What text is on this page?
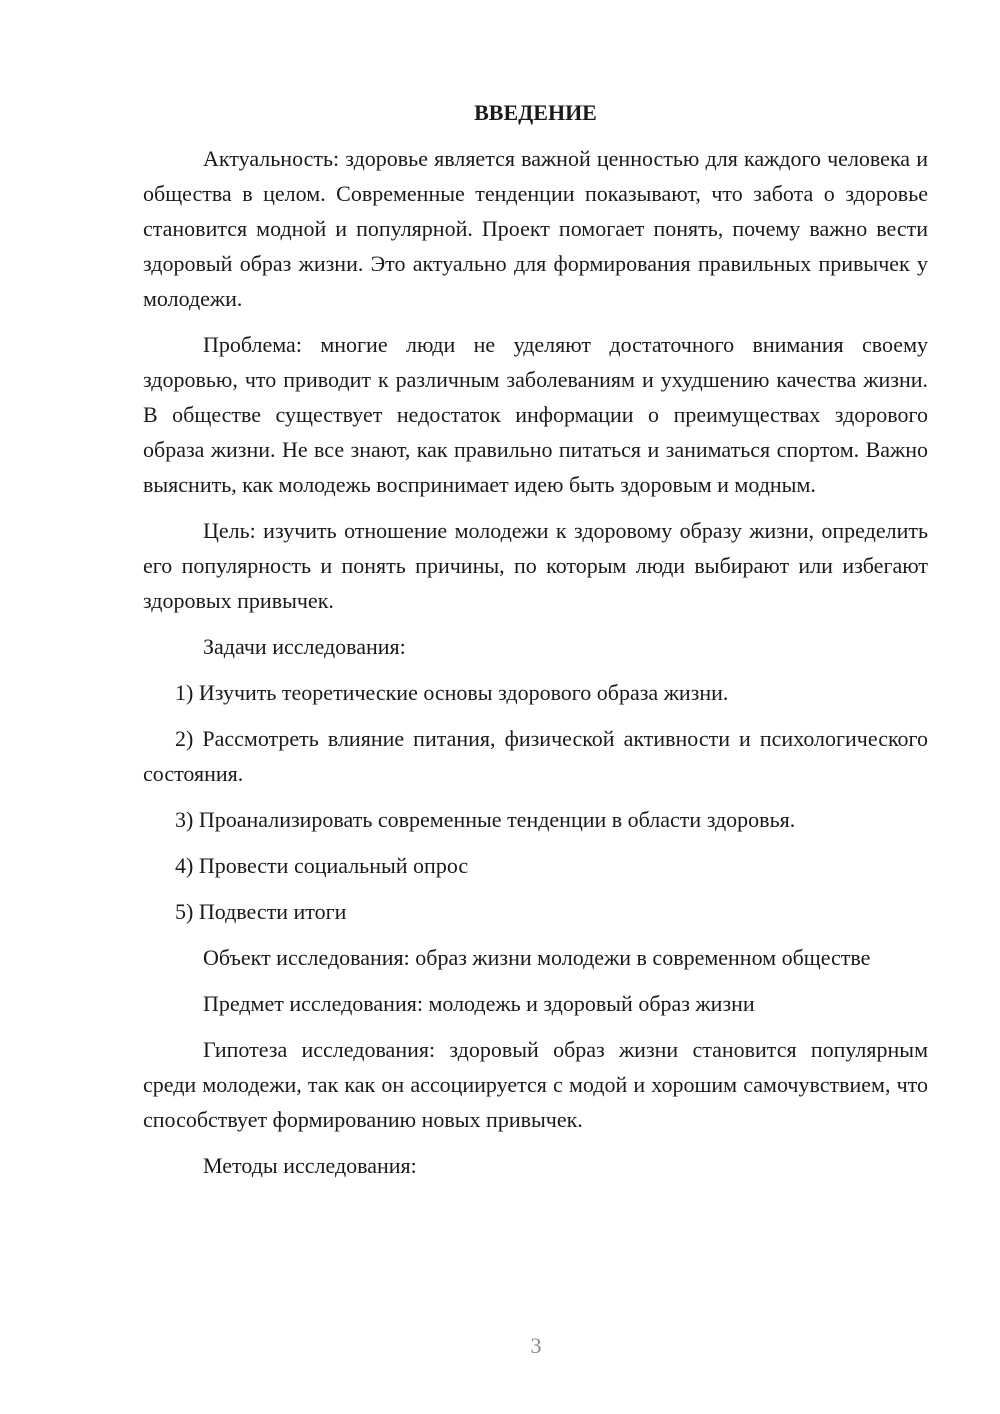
ВВЕДЕНИЕ

Актуальность: здоровье является важной ценностью для каждого человека и общества в целом. Современные тенденции показывают, что забота о здоровье становится модной и популярной. Проект помогает понять, почему важно вести здоровый образ жизни. Это актуально для формирования правильных привычек у молодежи.

Проблема: многие люди не уделяют достаточного внимания своему здоровью, что приводит к различным заболеваниям и ухудшению качества жизни. В обществе существует недостаток информации о преимуществах здорового образа жизни. Не все знают, как правильно питаться и заниматься спортом. Важно выяснить, как молодежь воспринимает идею быть здоровым и модным.

Цель: изучить отношение молодежи к здоровому образу жизни, определить его популярность и понять причины, по которым люди выбирают или избегают здоровых привычек.

Задачи исследования:

1) Изучить теоретические основы здорового образа жизни.

2) Рассмотреть влияние питания, физической активности и психологического состояния.

3) Проанализировать современные тенденции в области здоровья.

4) Провести социальный опрос

5) Подвести итоги

Объект исследования: образ жизни молодежи в современном обществе

Предмет исследования: молодежь и здоровый образ жизни

Гипотеза исследования: здоровый образ жизни становится популярным среди молодежи, так как он ассоциируется с модой и хорошим самочувствием, что способствует формированию новых привычек.

Методы исследования:

3
